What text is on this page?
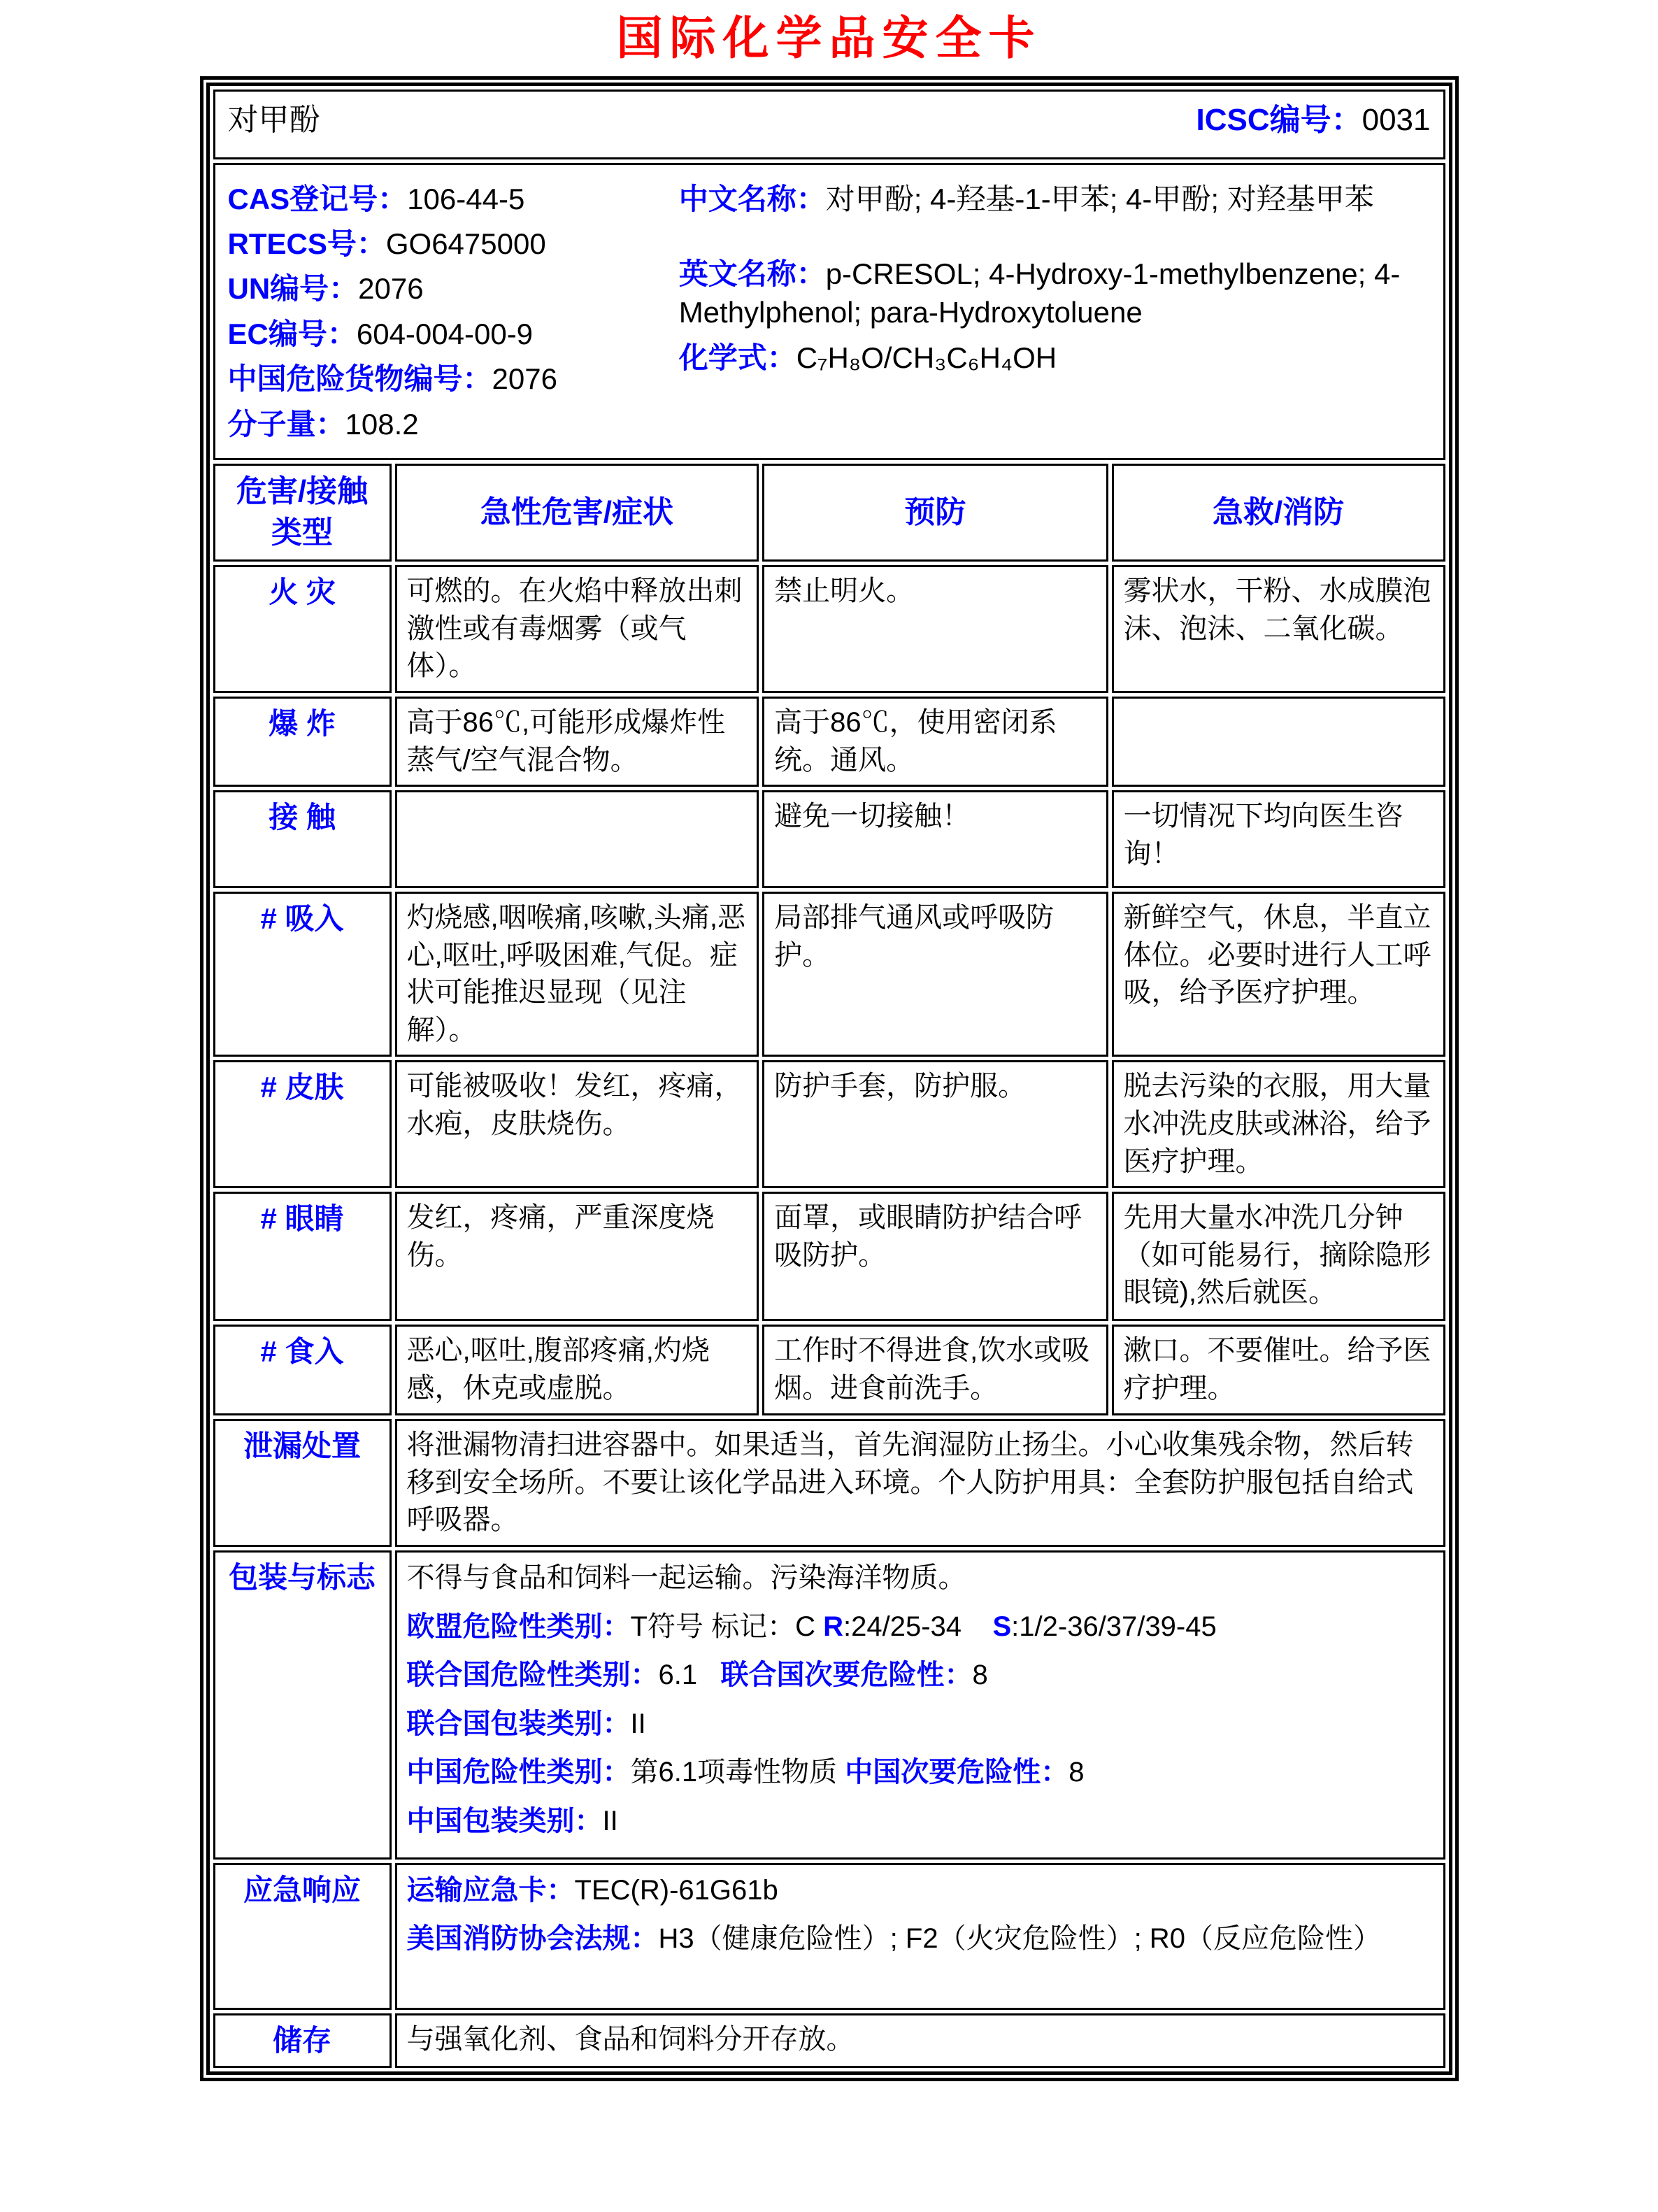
国际化学品安全卡
对甲酚	ICSC编号：0031
CAS登记号：106-44-5
RTECS号：GO6475000
UN编号：2076
EC编号：604-004-00-9
中国危险货物编号：2076
分子量：108.2
中文名称：对甲酚; 4-羟基-1-甲苯; 4-甲酚; 对羟基甲苯
英文名称：p-CRESOL; 4-Hydroxy-1-methylbenzene; 4-Methylphenol; para-Hydroxytoluene
化学式：C₇H₈O/CH₃C₆H₄OH
危害/接触类型	急性危害/症状	预防	急救/消防
火 灾	可燃的。在火焰中释放出刺激性或有毒烟雾（或气体）。	禁止明火。	雾状水，干粉、水成膜泡沫、泡沫、二氧化碳。
爆 炸	高于86℃,可能形成爆炸性蒸气/空气混合物。	高于86℃，使用密闭系统。通风。	
接 触		避免一切接触！	一切情况下均向医生咨询！
# 吸入	灼烧感,咽喉痛,咳嗽,头痛,恶心,呕吐,呼吸困难,气促。症状可能推迟显现（见注解）。	局部排气通风或呼吸防护。	新鲜空气，休息，半直立体位。必要时进行人工呼吸，给予医疗护理。
# 皮肤	可能被吸收！发红，疼痛，水疱，皮肤烧伤。	防护手套，防护服。	脱去污染的衣服，用大量水冲洗皮肤或淋浴，给予医疗护理。
# 眼睛	发红，疼痛，严重深度烧伤。	面罩，或眼睛防护结合呼吸防护。	先用大量水冲洗几分钟（如可能易行，摘除隐形眼镜),然后就医。
# 食入	恶心,呕吐,腹部疼痛,灼烧感，休克或虚脱。	工作时不得进食,饮水或吸烟。进食前洗手。	漱口。不要催吐。给予医疗护理。
泄漏处置	将泄漏物清扫进容器中。如果适当，首先润湿防止扬尘。小心收集残余物，然后转移到安全场所。不要让该化学品进入环境。个人防护用具：全套防护服包括自给式呼吸器。		
包装与标志	不得与食品和饲料一起运输。污染海洋物质。
欧盟危险性类别：T符号 标记：C R:24/25-34    S:1/2-36/37/39-45
联合国危险性类别：6.1   联合国次要危险性：8
联合国包装类别：II
中国危险性类别：第6.1项毒性物质 中国次要危险性：8
中国包装类别：II

应急响应	运输应急卡：TEC(R)-61G61b
美国消防协会法规：H3（健康危险性）; F2（火灾危险性）; R0（反应危险性）		

储存	与强氧化剂、食品和饲料分开存放。		
